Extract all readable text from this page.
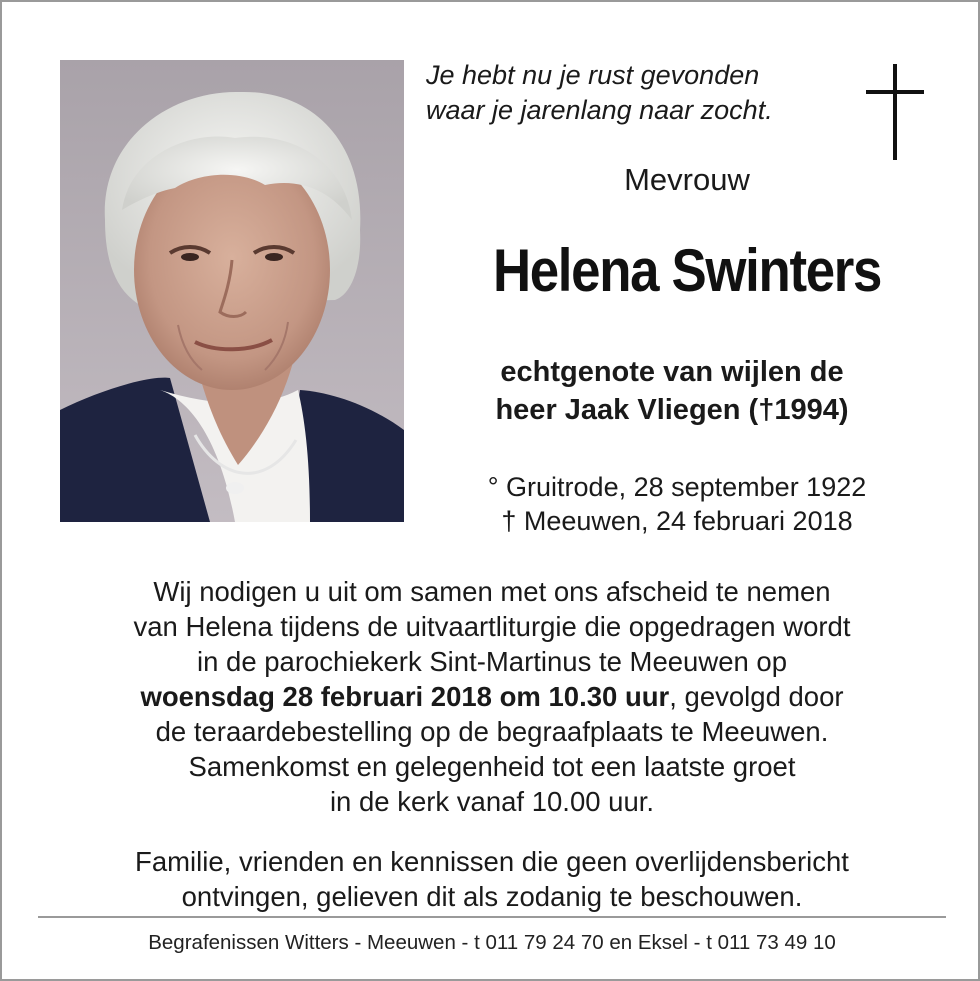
Je hebt nu je rust gevonden
waar je jarenlang naar zocht.
Mevrouw
Helena Swinters
echtgenote van wijlen de
heer Jaak Vliegen (†1994)
° Gruitrode, 28 september 1922
† Meeuwen, 24 februari 2018
Wij nodigen u uit om samen met ons afscheid te nemen
van Helena tijdens de uitvaartliturgie die opgedragen wordt
in de parochiekerk Sint-Martinus te Meeuwen op
woensdag 28 februari 2018 om 10.30 uur, gevolgd door
de teraardebestelling op de begraafplaats te Meeuwen.
Samenkomst en gelegenheid tot een laatste groet
in de kerk vanaf 10.00 uur.
Familie, vrienden en kennissen die geen overlijdensbericht
ontvingen, gelieven dit als zodanig te beschouwen.
Begrafenissen Witters - Meeuwen - t 011 79 24 70 en Eksel - t 011 73 49 10
